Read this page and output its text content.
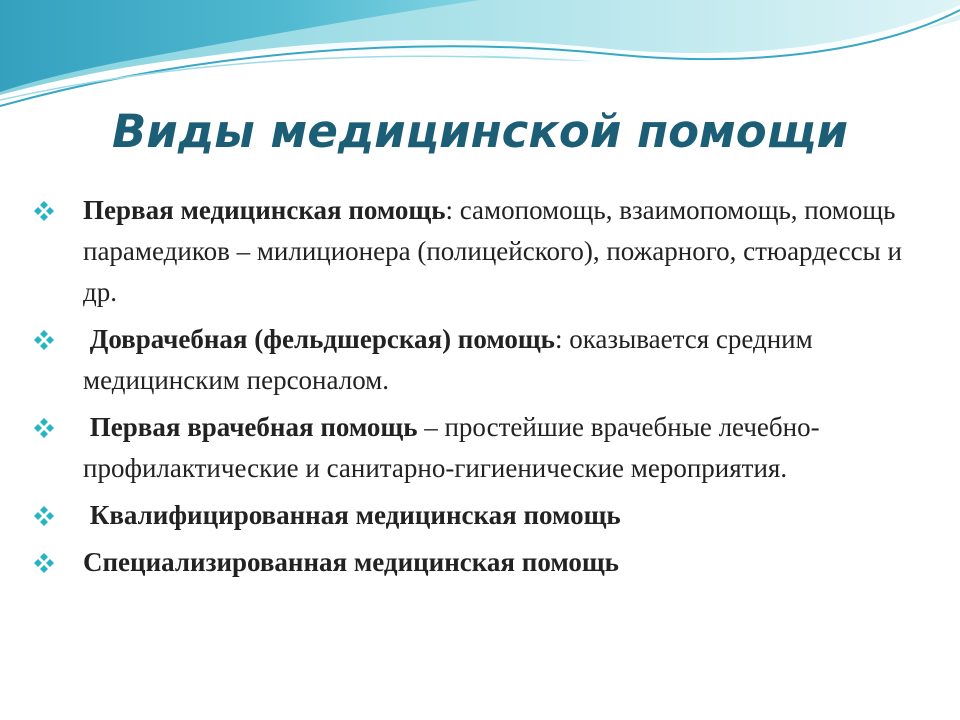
Виды медицинской помощи
Первая медицинская помощь: самопомощь, взаимопомощь, помощь парамедиков – милиционера (полицейского), пожарного, стюардессы и др.
Доврачебная (фельдшерская) помощь: оказывается средним медицинским персоналом.
Первая врачебная помощь – простейшие врачебные лечебно-профилактические и санитарно-гигиенические мероприятия.
Квалифицированная медицинская помощь
Специализированная медицинская помощь
